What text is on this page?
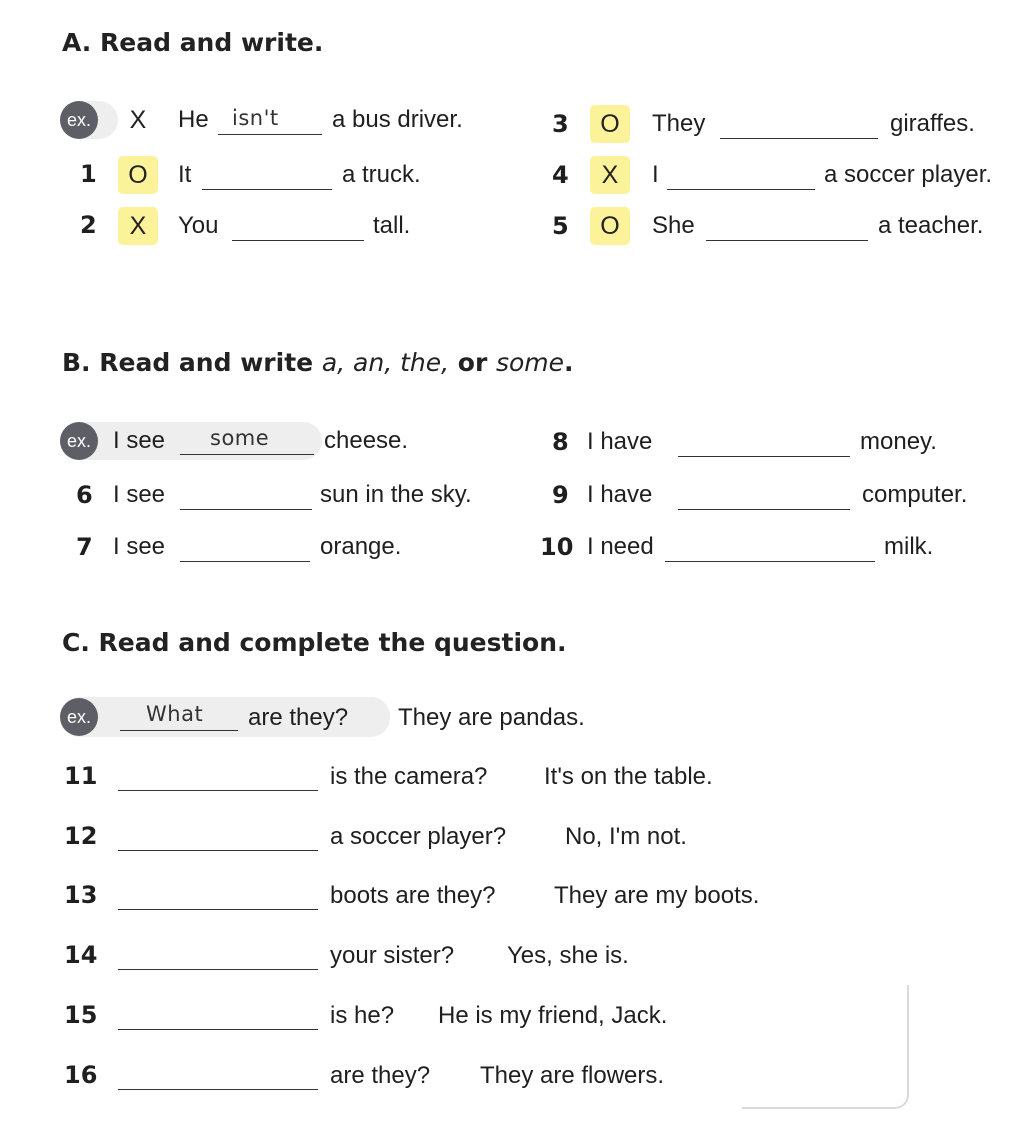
A. Read and write.
ex.	X	He isn't a bus driver.
1	O	It	a truck.
2	X	You	tall.
3	O	They	giraffes.
4	X	I	a soccer player.
5	O	She	a teacher.
B. Read and write a, an, the, or some.
ex. I see some cheese.
6 I see	sun in the sky.
7 I see	orange.
8 I have	money.
9 I have	computer.
10 I need	milk.
C. Read and complete the question.
ex.	What are they? They are pandas.
11	is the camera? It's on the table.
12	a soccer player? No, I'm not.
13	boots are they? They are my boots.
14	your sister? Yes, she is.
15	is he? He is my friend, Jack.
16	are they? They are flowers.
